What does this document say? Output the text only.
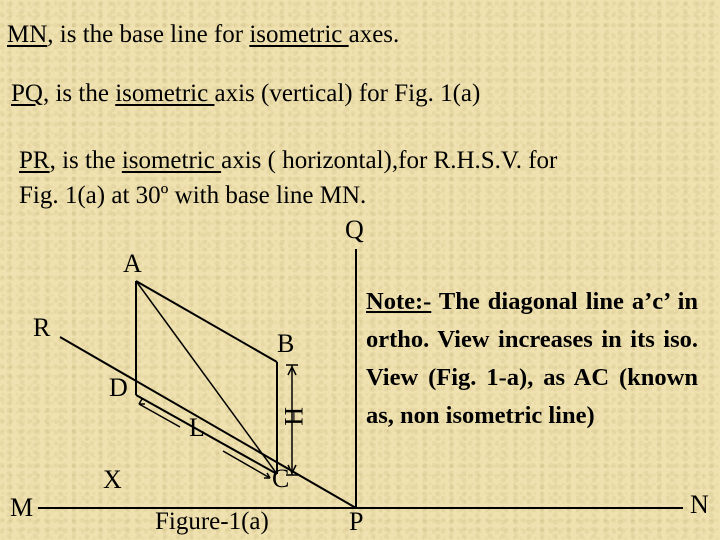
MN, is the base line for isometric axes.

PQ, is the isometric axis (vertical) for Fig. 1(a)

PR, is the isometric axis ( horizontal),for R.H.S.V. for

Fig. 1(a) at 30º with base line MN.

Q
A
R
B
D
L	H
X	C
M	N
P
Figure-1(a)
Note:- The diagonal line a’c’ in ortho. View increases in its iso. View (Fig. 1-a), as AC (known as, non isometric line)
